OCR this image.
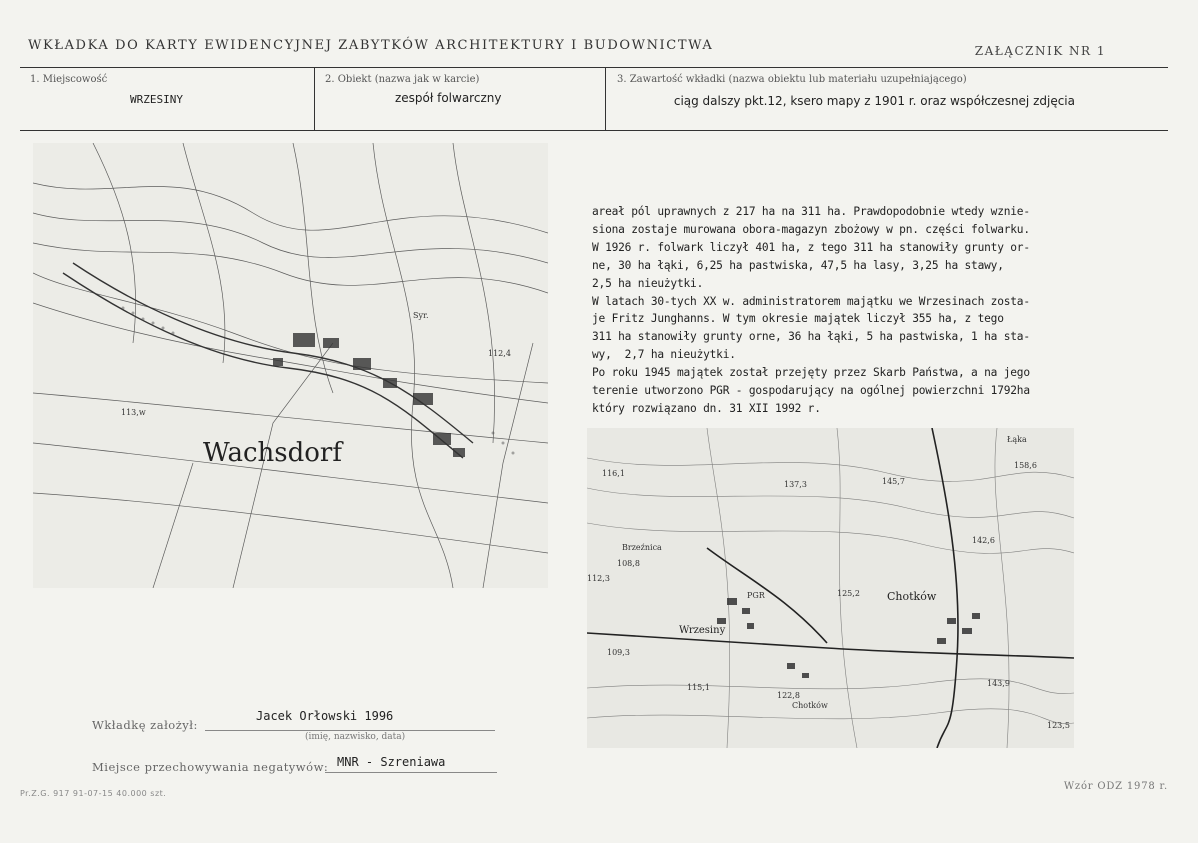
WKŁADKA DO KARTY EWIDENCYJNEJ ZABYTKÓW ARCHITEKTURY I BUDOWNICTWA	ZAŁĄCZNIK NR 1
1. Miejscowość
WRZESINY
2. Obiekt (nazwa jak w karcie)
zespół folwarczny
3. Zawartość wkładki (nazwa obiektu lub materiału uzupełniającego)
ciąg dalszy pkt.12, ksero mapy z 1901 r. oraz współczesnej zdjęcia
Wachsdorf
113,w
112,4
Syr.
areał pól uprawnych z 217 ha na 311 ha. Prawdopodobnie wtedy wznie-
siona zostaje murowana obora-magazyn zbożowy w pn. części folwarku.
W 1926 r. folwark liczył 401 ha, z tego 311 ha stanowiły grunty or-
ne, 30 ha łąki, 6,25 ha pastwiska, 47,5 ha lasy, 3,25 ha stawy,
2,5 ha nieużytki.
W latach 30-tych XX w. administratorem majątku we Wrzesinach zosta-
je Fritz Junghanns. W tym okresie majątek liczył 355 ha, z tego
311 ha stanowiły grunty orne, 36 ha łąki, 5 ha pastwiska, 1 ha sta-
wy,  2,7 ha nieużytki.
Po roku 1945 majątek został przejęty przez Skarb Państwa, a na jego
terenie utworzono PGR - gospodarujący na ogólnej powierzchni 1792ha
który rozwiązano dn. 31 XII 1992 r.
Chotków
Wrzesiny
Brzeźnica
PGR
Chotków
Łąka
158,6
145,7
137,3
142,6
125,2
112,3
109,3
115,1
122,8
116,1
143,9
123,5
108,8
Wkładkę założył:
Jacek Orłowski 1996
(imię, nazwisko, data)
Miejsce przechowywania negatywów: MNR - Szreniawa
Pr.Z.G. 917 91-07-15 40.000 szt.
Wzór ODZ 1978 r.
